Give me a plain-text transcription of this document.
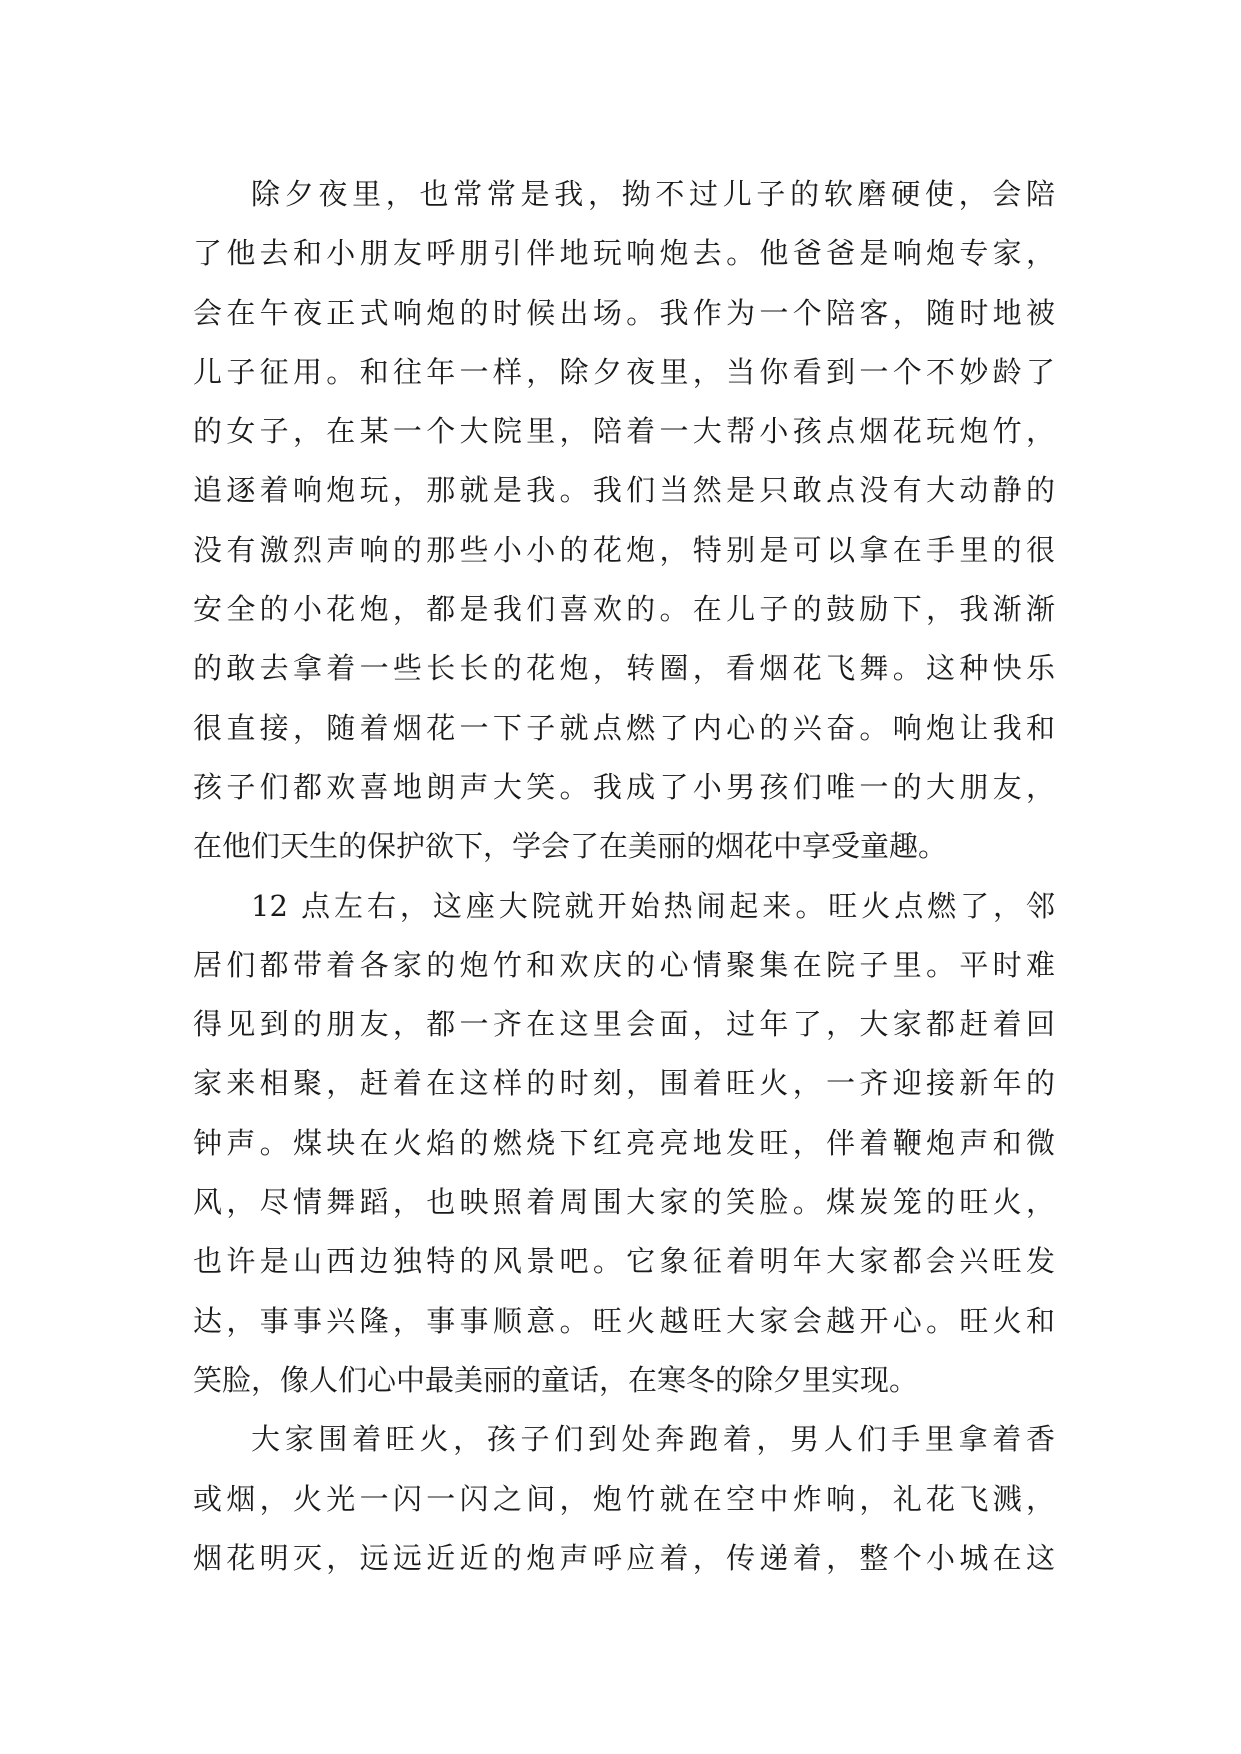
除夕夜里，也常常是我，拗不过儿子的软磨硬使，会陪
了他去和小朋友呼朋引伴地玩响炮去。他爸爸是响炮专家，
会在午夜正式响炮的时候出场。我作为一个陪客，随时地被
儿子征用。和往年一样，除夕夜里，当你看到一个不妙龄了
的女子，在某一个大院里，陪着一大帮小孩点烟花玩炮竹，
追逐着响炮玩，那就是我。我们当然是只敢点没有大动静的
没有激烈声响的那些小小的花炮，特别是可以拿在手里的很
安全的小花炮，都是我们喜欢的。在儿子的鼓励下，我渐渐
的敢去拿着一些长长的花炮，转圈，看烟花飞舞。这种快乐
很直接，随着烟花一下子就点燃了内心的兴奋。响炮让我和
孩子们都欢喜地朗声大笑。我成了小男孩们唯一的大朋友，
在他们天生的保护欲下，学会了在美丽的烟花中享受童趣。
12 点左右，这座大院就开始热闹起来。旺火点燃了，邻
居们都带着各家的炮竹和欢庆的心情聚集在院子里。平时难
得见到的朋友，都一齐在这里会面，过年了，大家都赶着回
家来相聚，赶着在这样的时刻，围着旺火，一齐迎接新年的
钟声。煤块在火焰的燃烧下红亮亮地发旺，伴着鞭炮声和微
风，尽情舞蹈，也映照着周围大家的笑脸。煤炭笼的旺火，
也许是山西边独特的风景吧。它象征着明年大家都会兴旺发
达，事事兴隆，事事顺意。旺火越旺大家会越开心。旺火和
笑脸，像人们心中最美丽的童话，在寒冬的除夕里实现。
大家围着旺火，孩子们到处奔跑着，男人们手里拿着香
或烟，火光一闪一闪之间，炮竹就在空中炸响，礼花飞溅，
烟花明灭，远远近近的炮声呼应着，传递着，整个小城在这
